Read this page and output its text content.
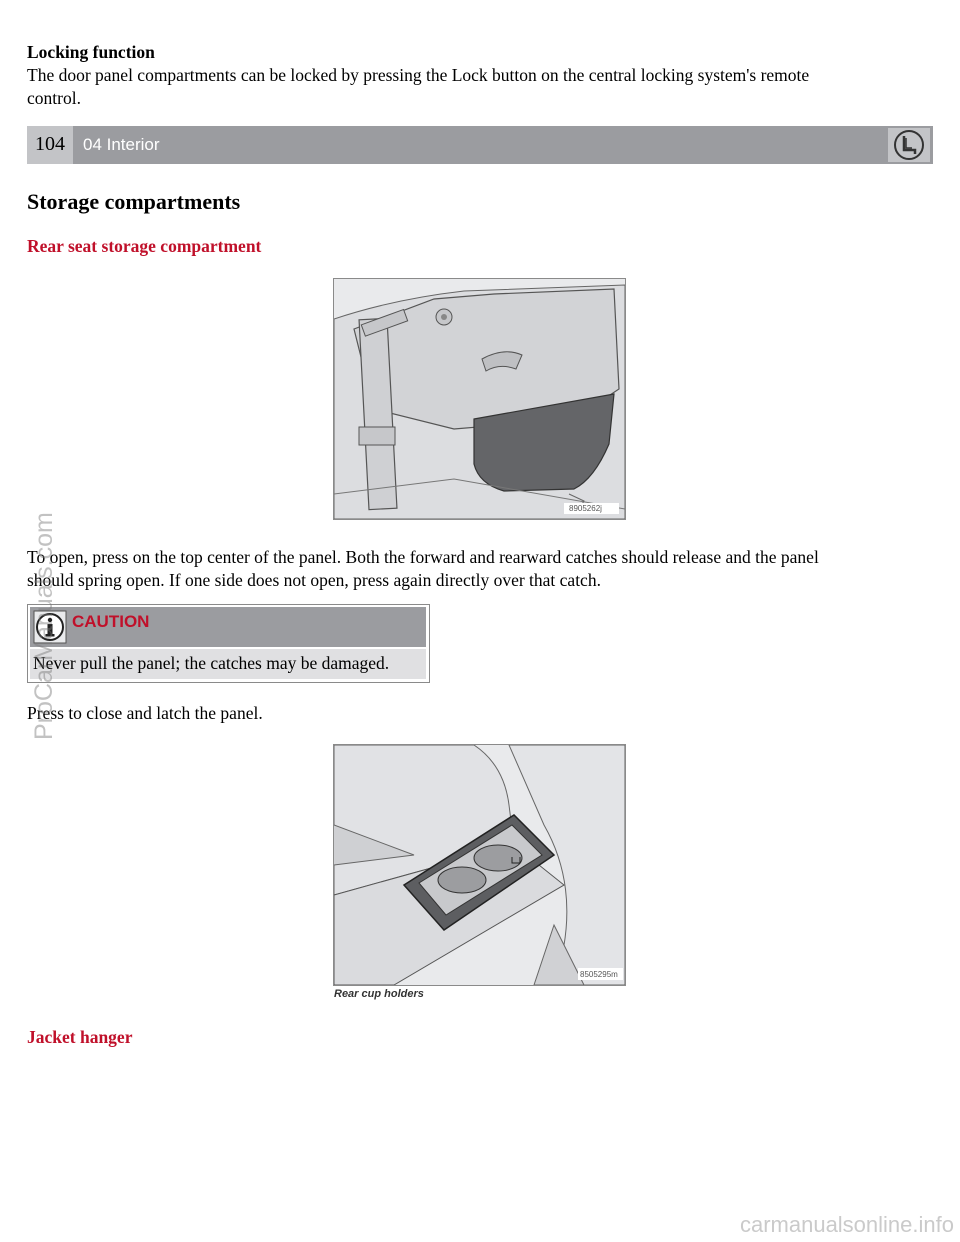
Locking function
The door panel compartments can be locked by pressing the Lock button on the central locking system's remote
control.
104	04 Interior
Storage compartments
Rear seat storage compartment
8905262j
To open, press on the top center of the panel. Both the forward and rearward catches should release and the panel
should spring open. If one side does not open, press again directly over that catch.
CAUTION
Never pull the panel; the catches may be damaged.
Press to close and latch the panel.
8505295m
Rear cup holders
Jacket hanger
ProCarManuals.com
carmanualsonline.info
